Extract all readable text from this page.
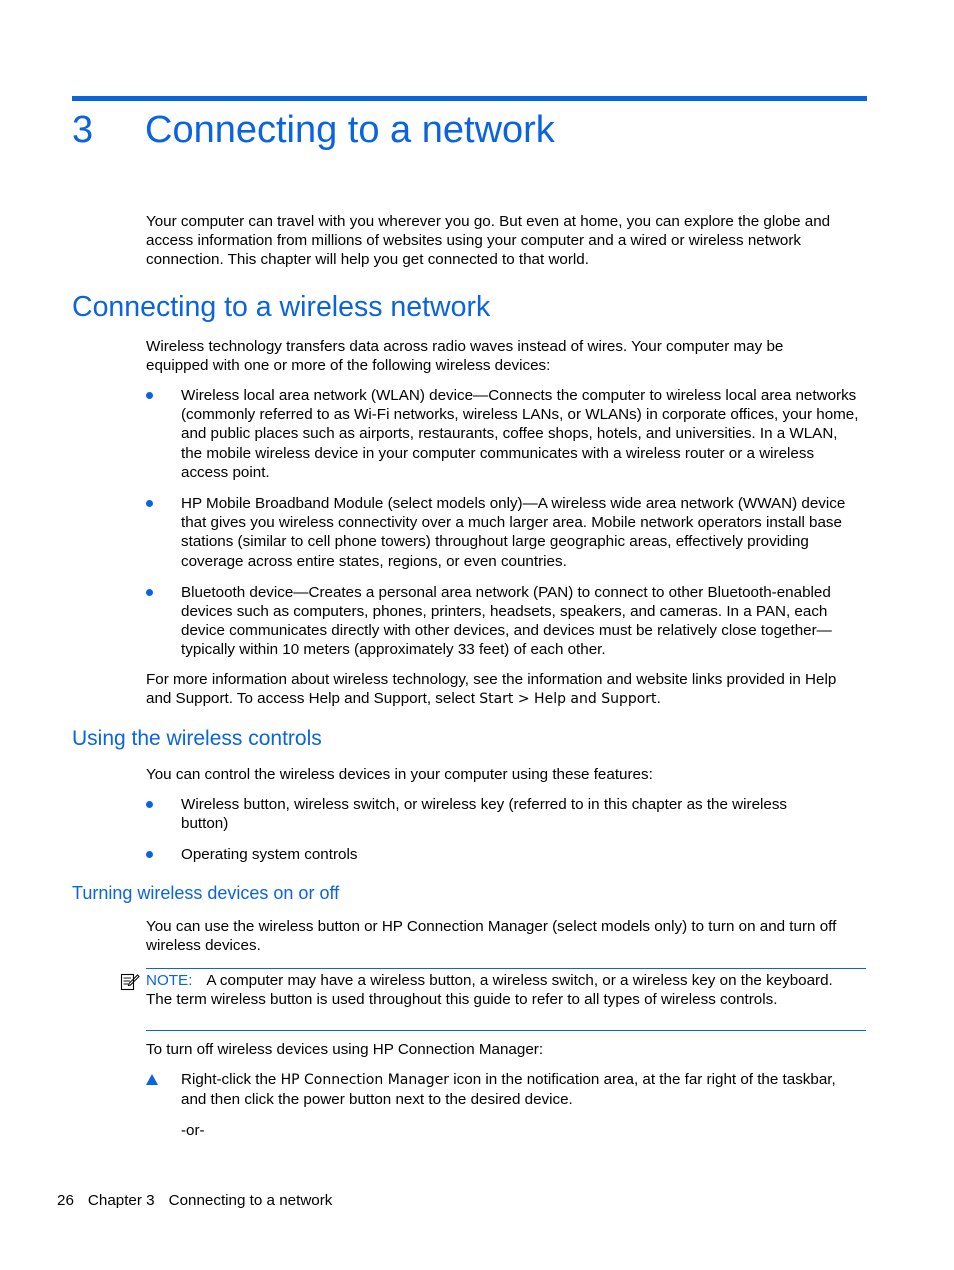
3 Connecting to a network

Your computer can travel with you wherever you go. But even at home, you can explore the globe and access information from millions of websites using your computer and a wired or wireless network connection. This chapter will help you get connected to that world.

Connecting to a wireless network

Wireless technology transfers data across radio waves instead of wires. Your computer may be equipped with one or more of the following wireless devices:

Wireless local area network (WLAN) device—Connects the computer to wireless local area networks (commonly referred to as Wi-Fi networks, wireless LANs, or WLANs) in corporate offices, your home, and public places such as airports, restaurants, coffee shops, hotels, and universities. In a WLAN, the mobile wireless device in your computer communicates with a wireless router or a wireless access point.
HP Mobile Broadband Module (select models only)—A wireless wide area network (WWAN) device that gives you wireless connectivity over a much larger area. Mobile network operators install base stations (similar to cell phone towers) throughout large geographic areas, effectively providing coverage across entire states, regions, or even countries.
Bluetooth device—Creates a personal area network (PAN) to connect to other Bluetooth-enabled devices such as computers, phones, printers, headsets, speakers, and cameras. In a PAN, each device communicates directly with other devices, and devices must be relatively close together—typically within 10 meters (approximately 33 feet) of each other.

For more information about wireless technology, see the information and website links provided in Help and Support. To access Help and Support, select Start > Help and Support.

Using the wireless controls

You can control the wireless devices in your computer using these features:

Wireless button, wireless switch, or wireless key (referred to in this chapter as the wireless button)
Operating system controls
Turning wireless devices on or off

You can use the wireless button or HP Connection Manager (select models only) to turn on and turn off wireless devices.

NOTE: A computer may have a wireless button, a wireless switch, or a wireless key on the keyboard. The term wireless button is used throughout this guide to refer to all types of wireless controls.

To turn off wireless devices using HP Connection Manager:

Right-click the HP Connection Manager icon in the notification area, at the far right of the taskbar, and then click the power button next to the desired device.

-or-

26 Chapter 3 Connecting to a network
